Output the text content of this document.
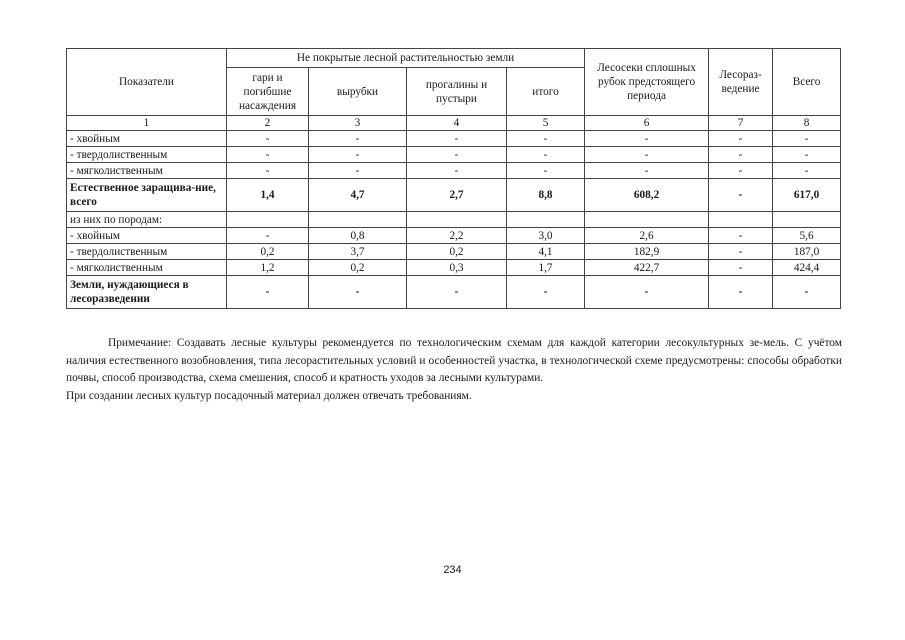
Показатели	Не покрытые лесной растительностью земли				Лесосеки сплошных рубок предстоящего периода	Лесораз-ведение	Всего
	гари и погибшие насаждения	вырубки	прогалины и пустыри	итого			
1	2	3	4	5	6	7	8
- хвойным	-	-	-	-	-	-	-
- твердолиственным	-	-	-	-	-	-	-
- мягколиственным	-	-	-	-	-	-	-
Естественное заращива-ние, всего	1,4	4,7	2,7	8,8	608,2	-	617,0
из них по породам:							
- хвойным	-	0,8	2,2	3,0	2,6	-	5,6
- твердолиственным	0,2	3,7	0,2	4,1	182,9	-	187,0
- мягколиственным	1,2	0,2	0,3	1,7	422,7	-	424,4
Земли, нуждающиеся в лесоразведении	-	-	-	-	-	-	-

Примечание: Создавать лесные культуры рекомендуется по технологическим схемам для каждой категории лесокультурных зе-мель. С учётом наличия естественного возобновления, типа лесорастительных условий и особенностей участка, в технологической схеме предусмотрены: способы обработки почвы, способ производства, схема смешения, способ и кратность уходов за лесными культурами.

При создании лесных культур посадочный материал должен отвечать требованиям.

234
